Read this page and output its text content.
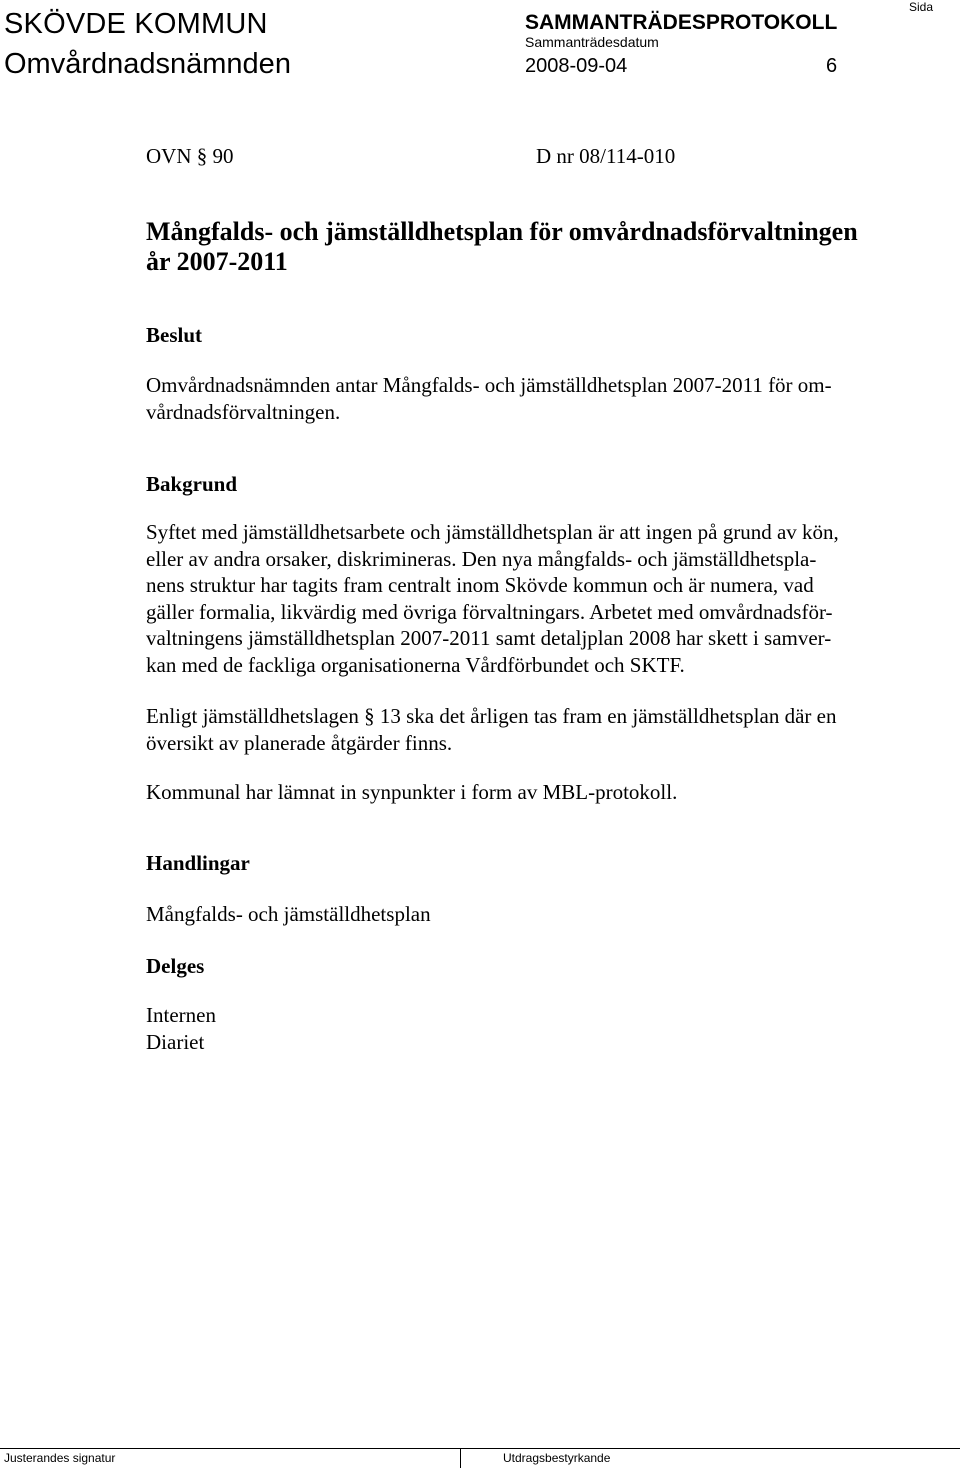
SKÖVDE KOMMUN
Omvårdnadsnämnden
SAMMANTRÄDESPROTOKOLL
Sammanträdesdatum
2008-09-04	6
Sida
OVN § 90	D nr 08/114-010
Mångfalds- och jämställdhetsplan för omvårdnadsförvaltningen
år 2007-2011
Beslut
Omvårdnadsnämnden antar Mångfalds- och jämställdhetsplan 2007-2011 för om-
vårdnadsförvaltningen.
Bakgrund
Syftet med jämställdhetsarbete och jämställdhetsplan är att ingen på grund av kön,
eller av andra orsaker, diskrimineras. Den nya mångfalds- och jämställdhetspla-
nens struktur har tagits fram centralt inom Skövde kommun och är numera, vad
gäller formalia, likvärdig med övriga förvaltningars. Arbetet med omvårdnadsför-
valtningens jämställdhetsplan 2007-2011 samt detaljplan 2008 har skett i samver-
kan med de fackliga organisationerna Vårdförbundet och SKTF.
Enligt jämställdhetslagen § 13 ska det årligen tas fram en jämställdhetsplan där en
översikt av planerade åtgärder finns.
Kommunal har lämnat in synpunkter i form av MBL-protokoll.
Handlingar
Mångfalds- och jämställdhetsplan
Delges
Internen
Diariet
Justerandes signatur	Utdragsbestyrkande
